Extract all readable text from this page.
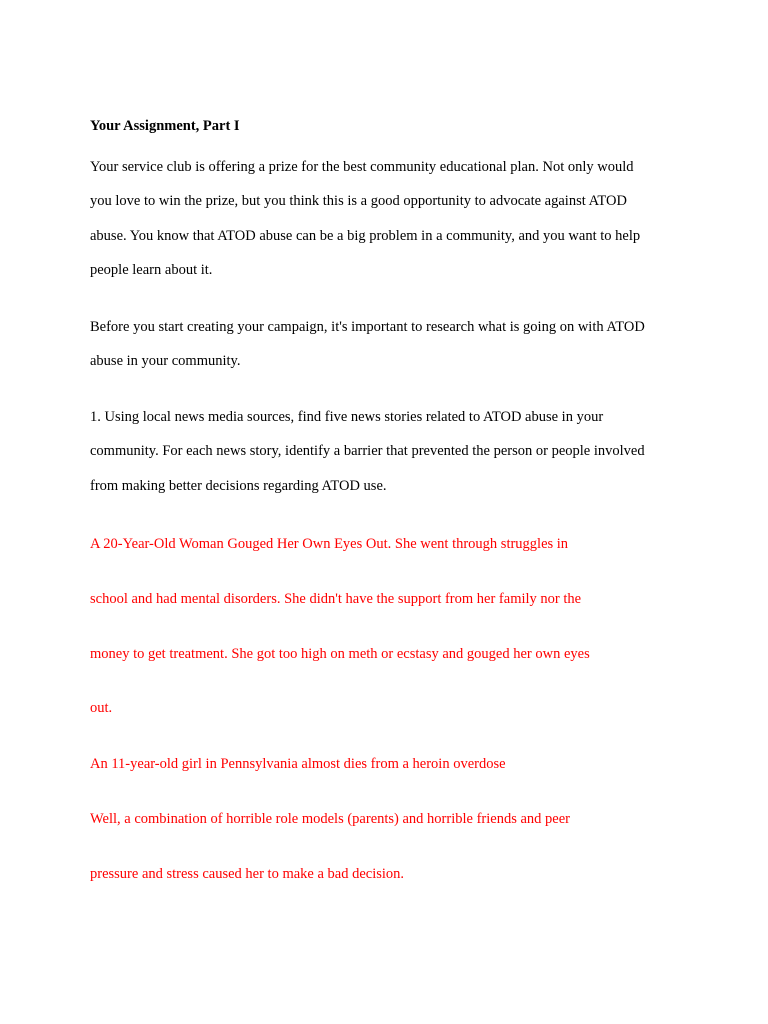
Your Assignment, Part I
Your service club is offering a prize for the best community educational plan. Not only would
you love to win the prize, but you think this is a good opportunity to advocate against ATOD
abuse. You know that ATOD abuse can be a big problem in a community, and you want to help
people learn about it.
Before you start creating your campaign, it's important to research what is going on with ATOD
abuse in your community.
1. Using local news media sources, find five news stories related to ATOD abuse in your
community. For each news story, identify a barrier that prevented the person or people involved
from making better decisions regarding ATOD use.
A 20-Year-Old Woman Gouged Her Own Eyes Out. She went through struggles in
school and had mental disorders. She didn't have the support from her family nor the
money to get treatment. She got too high on meth or ecstasy and gouged her own eyes
out.
An 11-year-old girl in Pennsylvania almost dies from a heroin overdose
Well, a combination of horrible role models (parents) and horrible friends and peer
pressure and stress caused her to make a bad decision.
